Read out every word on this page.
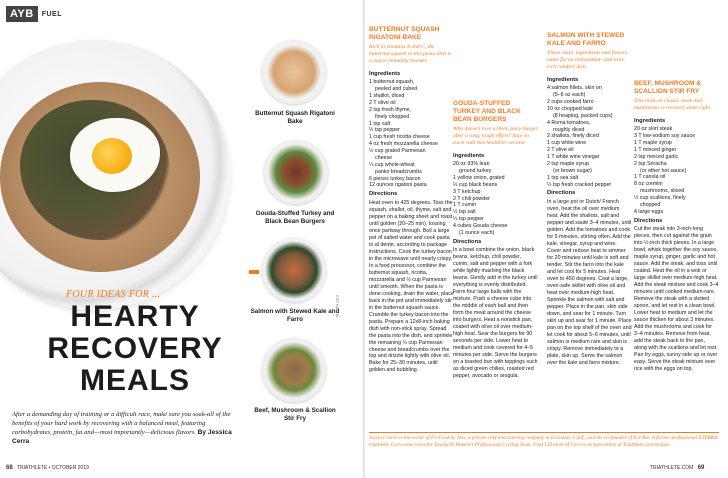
AYB	FUEL
Butternut Squash Rigatoni Bake
Gouda-Stuffed Turkey and Black Bean Burgers
Salmon with Stewed Kale and Farro
Beef, Mushroom & Scallion Stir Fry
FOUR IDEAS FOR ...
HEARTY
RECOVERY
MEALS
After a demanding day of training or a difficult race, make sure you soak-all of the benefits of your hard work by recovering with a balanced meal, featuring carbohydrates, protein, fat and—most importantly—delicious flavors. By Jessica Cerra
CATHAL W.
68 TRIATHLETE • OCTOBER 2019
BUTTERNUT SQUASH RIGATONI BAKE
Rich in vitamins A and C, the butternut squash in this pasta dish is a major immunity booster.
Ingredients
1 butternut squash,
peeled and cubed
1 shallot, diced
2 T olive oil
2 tsp fresh thyme,
finely chopped
1 tsp salt
½ tsp pepper
1 cup fresh ricotta cheese
4 oz fresh mozzarella cheese
½ cup grated Parmesan
cheese
¼ cup whole-wheat
panko breadcrumbs
6 pieces turkey bacon
12 ounces rigatoni pasta
Directions
Heat oven to 425 degrees. Toss the squash, shallot, oil, thyme, salt and pepper on a baking sheet and roast until golden (20–25 min), tossing once partway through. Boil a large pot of salted water and cook pasta to al dente, according to package instructions. Cook the turkey bacon in the microwave until nearly crispy. In a food processor, combine the butternut squash, ricotta, mozzarella and ½ cup Parmesan until smooth. When the pasta is done cooking, drain the water, place back in the pot and immediately stir in the butternut squash sauce. Crumble the turkey bacon into the pasta. Prepare a 12x8-inch baking dish with non-stick spray. Spread the pasta into the dish, and sprinkle the remaining ¼ cup Parmesan cheese and breadcrumbs over the top and drizzle lightly with olive oil. Bake for 25–30 minutes, until golden and bubbling.
GOUDA-STUFFED TURKEY AND BLACK BEAN BURGERS
Who doesn't love a thick, juicy burger after a long, tough effort? Stay on track with this healthier version.
Ingredients
20 oz 93% lean
ground turkey
1 yellow onion, grated
½ cup black beans
3 T ketchup
2 T chili powder
1 T cumin
½ tsp salt
¼ tsp pepper
4 cubes Gouda cheese
(1 ounce each)
Directions
In a bowl combine the onion, black beans, ketchup, chili powder, cumin, salt and pepper with a fork while lightly mashing the black beans. Gently add in the turkey until everything is evenly distributed. Form four large balls with the mixture. Push a cheese cube into the middle of each ball and then form the meat around the cheese into burgers. Heat a nonstick pan, coated with olive oil over medium-high heat. Sear the burgers for 90 seconds per side. Lower heat to medium and cook covered for 4–5 minutes per side. Serve the burgers on a toasted bun with toppings such as diced green chilies, roasted red pepper, avocado or arugula.
SALMON WITH STEWED KALE AND FARRO
These rustic ingredients and flavors make for an antioxidant- and iron-rich comfort dish.
Ingredients
4 salmon fillets, skin on
(5–6 oz each)
2 cups cooked farro
10 oz chopped kale
(8 heaping, packed cups)
4 Roma tomatoes,
roughly diced
2 shallots, finely diced
1 cup white wine
2 T olive oil
1 T white wine vinegar
2 tsp maple syrup
(or brown sugar)
1 tsp sea salt
½ tsp fresh cracked pepper
Directions
In a large pot or Dutch/ French oven, heat the oil over medium heat. Add the shallots, salt and pepper and sauté 3–4 minutes, until golden. Add the tomatoes and cook for 5 minutes, stirring often. Add the kale, vinegar, syrup and wine. Cover and reduce heat to simmer for 20 minutes until kale is soft and tender. Stir the farro into the kale and let cool for 5 minutes. Heat oven to 450 degrees. Coat a large, oven-safe skillet with olive oil and heat over medium-high heat. Sprinkle the salmon with salt and pepper. Place in the pan, skin side down, and sear for 1 minute. Turn skin up and sear for 1 minute. Place pan on the top shelf of the oven and let cook for about 5–6 minutes, until salmon is medium rare and skin is crispy. Remove immediately to a plate, skin up. Serve the salmon over the kale and farro mixture.
BEEF, MUSHROOM & SCALLION STIR FRY
This twist on classic steak and mushrooms is recovery done right.
Ingredients
20 oz skirt steak
3 T low-sodium soy sauce
1 T maple syrup
1 T minced ginger
2 tsp minced garlic
2 tsp Sriracha
(or other hot sauce)
1 T canola oil
8 oz cremini
mushrooms, sliced
½ cup scallions, finely
chopped
4 large eggs
Directions
Cut the steak into 3-inch-long pieces, then cut against the grain into ½-inch thick pieces. In a large bowl, whisk together the soy sauce, maple syrup, ginger, garlic and hot sauce. Add the steak, and toss until coated. Heat the oil in a wok or large skillet over medium-high heat. Add the steak mixture and cook 3–4 minutes until cooked medium-rare. Remove the steak with a slotted spoon, and let rest in a clean bowl. Lower heat to medium and let the sauce thicken for about 3 minutes. Add the mushrooms and cook for 3–4 minutes. Remove from heat, add the steak back to the pan, along with the scallions and let rest. Pan fry eggs, sunny side up or over easy. Serve the steak mixture over rice with the eggs on top.
Jessica Cerra is the owner of Fit Food by Jess, a private chef and catering company in Encinitas, Calif., and the co-founder of Irie Bar. A former professional XTERRA triathlete, Cerra now races for Twenty16 Women's Professional Cycling Team. Find 150 more of Cerra's recipes online at Triathlete.com/recipes.
TRIATHLETE.COM 69
